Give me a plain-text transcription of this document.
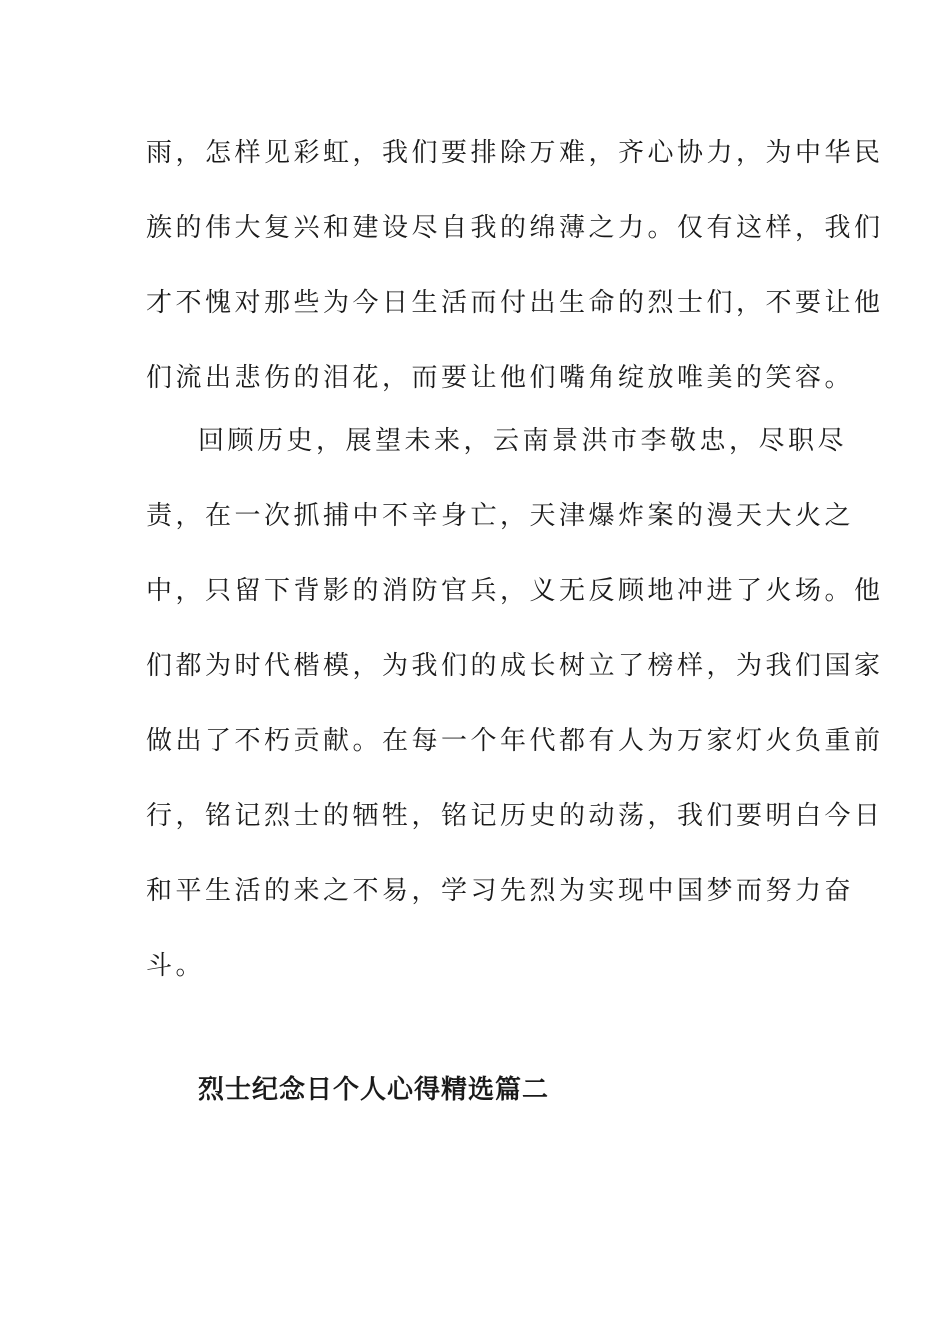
雨，怎样见彩虹，我们要排除万难，齐心协力，为中华民
族的伟大复兴和建设尽自我的绵薄之力。仅有这样，我们
才不愧对那些为今日生活而付出生命的烈士们，不要让他
们流出悲伤的泪花，而要让他们嘴角绽放唯美的笑容。
回顾历史，展望未来，云南景洪市李敬忠，尽职尽
责，在一次抓捕中不辛身亡，天津爆炸案的漫天大火之
中，只留下背影的消防官兵，义无反顾地冲进了火场。他
们都为时代楷模，为我们的成长树立了榜样，为我们国家
做出了不朽贡献。在每一个年代都有人为万家灯火负重前
行，铭记烈士的牺牲，铭记历史的动荡，我们要明白今日
和平生活的来之不易，学习先烈为实现中国梦而努力奋
斗。
烈士纪念日个人心得精选篇二
